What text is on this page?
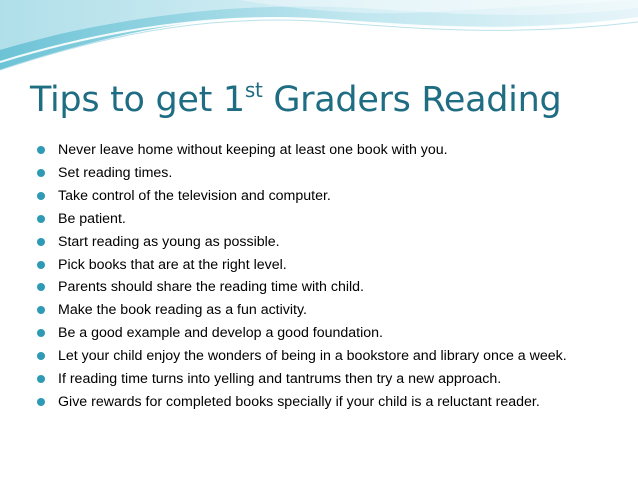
Tips to get 1st Graders Reading
Never leave home without keeping at least one book with you.
Set reading times.
Take control of the television and computer.
Be patient.
Start reading as young as possible.
Pick books that are at the right level.
Parents should share the reading time with child.
Make the book reading as a fun activity.
Be a good example and develop a good foundation.
Let your child enjoy the wonders of being in a bookstore and library once a week.
If reading time turns into yelling and tantrums then try a new approach.
Give rewards for completed books specially if your child is a reluctant reader.
